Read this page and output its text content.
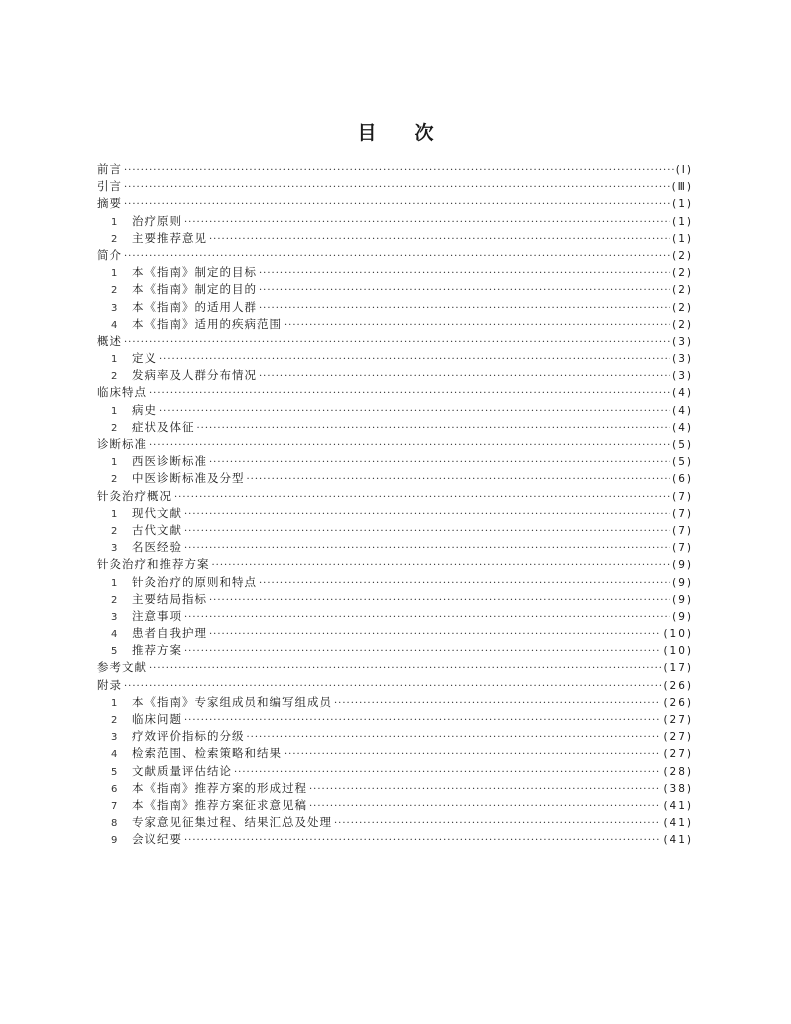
目 次
前言 ·····	(Ⅰ)
引言 ·····	(Ⅲ)
摘要 ·····	(1)
1	治疗原则 ·····	(1)
2	主要推荐意见 ·····	(1)
简介 ·····	(2)
1	本《指南》制定的目标 ·····	(2)
2	本《指南》制定的目的 ·····	(2)
3	本《指南》的适用人群 ·····	(2)
4	本《指南》适用的疾病范围 ·····	(2)
概述 ·····	(3)
1	定义 ·····	(3)
2	发病率及人群分布情况 ·····	(3)
临床特点 ·····	(4)
1	病史 ·····	(4)
2	症状及体征 ·····	(4)
诊断标准 ·····	(5)
1	西医诊断标准 ·····	(5)
2	中医诊断标准及分型 ·····	(6)
针灸治疗概况 ·····	(7)
1	现代文献 ·····	(7)
2	古代文献 ·····	(7)
3	名医经验 ·····	(7)
针灸治疗和推荐方案 ·····	(9)
1	针灸治疗的原则和特点 ·····	(9)
2	主要结局指标 ·····	(9)
3	注意事项 ·····	(9)
4	患者自我护理 ·····	(10)
5	推荐方案 ·····	(10)
参考文献 ·····	(17)
附录 ·····	(26)
1	本《指南》专家组成员和编写组成员 ·····	(26)
2	临床问题 ·····	(27)
3	疗效评价指标的分级 ·····	(27)
4	检索范围、检索策略和结果 ·····	(27)
5	文献质量评估结论 ·····	(28)
6	本《指南》推荐方案的形成过程 ·····	(38)
7	本《指南》推荐方案征求意见稿 ·····	(41)
8	专家意见征集过程、结果汇总及处理 ·····	(41)
9	会议纪要 ·····	(41)
